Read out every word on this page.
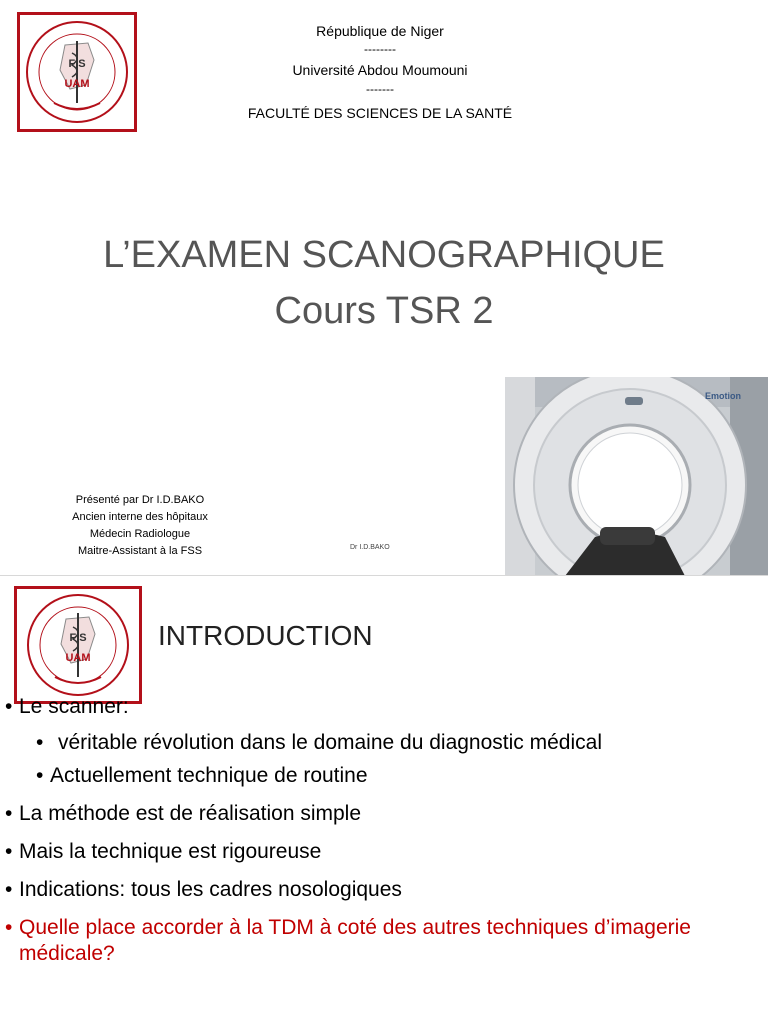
F S
UAM
République de Niger
--------
Université Abdou Moumouni
-------
FACULTÉ DES SCIENCES DE LA SANTÉ
L’EXAMEN SCANOGRAPHIQUE
Cours TSR 2
Présenté par Dr I.D.BAKO
Ancien interne des hôpitaux
Médecin Radiologue
Maitre-Assistant à la FSS	Dr I.D.BAKO
Emotion
F S
UAM
INTRODUCTION
• Le scanner:
• véritable révolution dans le domaine du diagnostic médical
• Actuellement technique de routine
• La méthode est de réalisation simple
• Mais la technique est rigoureuse
• Indications: tous les cadres nosologiques
• Quelle place accorder à la TDM à coté des autres techniques d’imagerie médicale?
